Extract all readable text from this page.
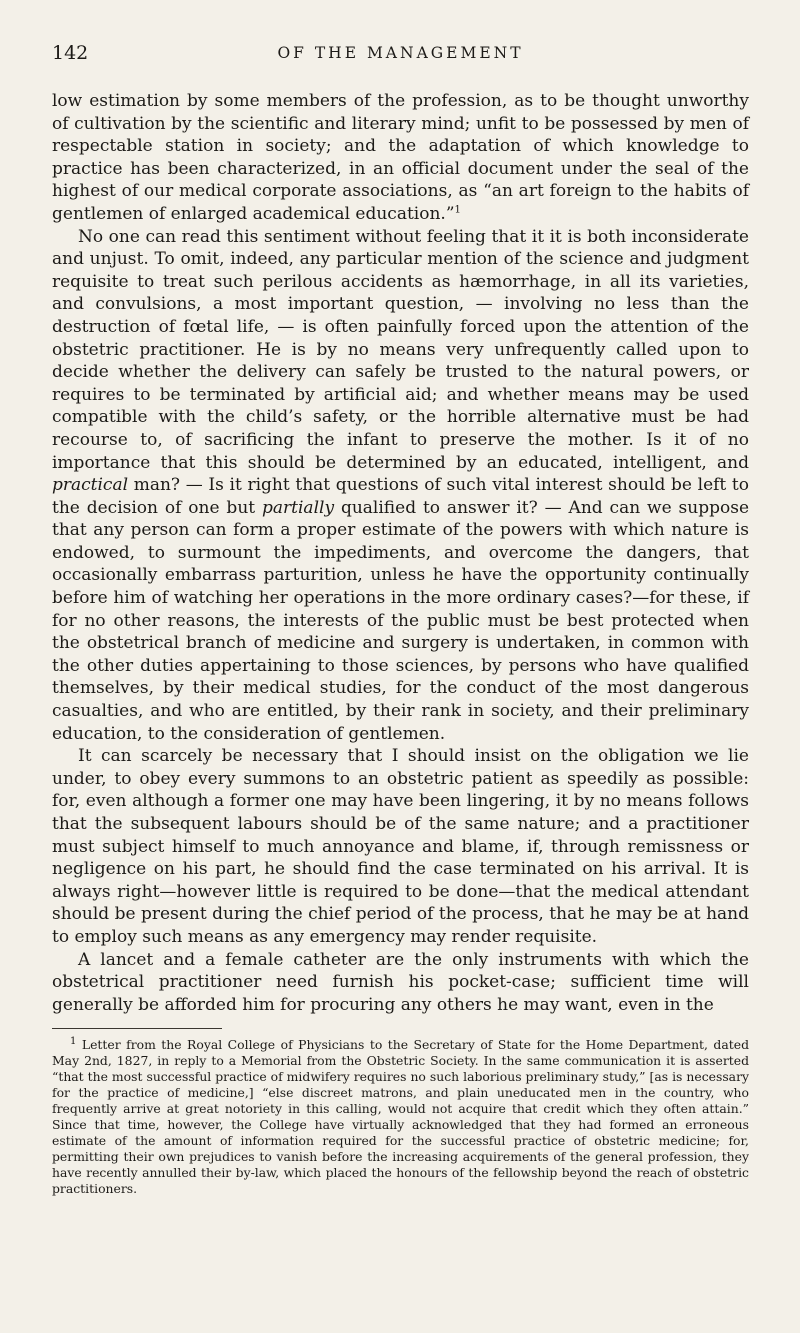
142	OF THE MANAGEMENT

low estimation by some members of the profession, as to be thought unworthy of cultivation by the scientific and literary mind; unfit to be possessed by men of respectable station in society; and the adaptation of which knowledge to practice has been characterized, in an official document under the seal of the highest of our medical corporate associations, as “an art foreign to the habits of gentlemen of enlarged academical education.”$^1$

No one can read this sentiment without feeling that it it is both inconsiderate and unjust. To omit, indeed, any particular mention of the science and judgment requisite to treat such perilous accidents as hæmorrhage, in all its varieties, and convulsions, a most important question, — involving no less than the destruction of fœtal life, — is often painfully forced upon the attention of the obstetric practitioner. He is by no means very unfrequently called upon to decide whether the delivery can safely be trusted to the natural powers, or requires to be terminated by artificial aid; and whether means may be used compatible with the child’s safety, or the horrible alternative must be had recourse to, of sacrificing the infant to preserve the mother. Is it of no importance that this should be determined by an educated, intelligent, and practical man? — Is it right that questions of such vital interest should be left to the decision of one but partially qualified to answer it? — And can we suppose that any person can form a proper estimate of the powers with which nature is endowed, to surmount the impediments, and overcome the dangers, that occasionally embarrass parturition, unless he have the opportunity continually before him of watching her operations in the more ordinary cases?—for these, if for no other reasons, the interests of the public must be best protected when the obstetrical branch of medicine and surgery is undertaken, in common with the other duties appertaining to those sciences, by persons who have qualified themselves, by their medical studies, for the conduct of the most dangerous casualties, and who are entitled, by their rank in society, and their preliminary education, to the consideration of gentlemen.

It can scarcely be necessary that I should insist on the obligation we lie under, to obey every summons to an obstetric patient as speedily as possible: for, even although a former one may have been lingering, it by no means follows that the subsequent labours should be of the same nature; and a practitioner must subject himself to much annoyance and blame, if, through remissness or negligence on his part, he should find the case terminated on his arrival. It is always right—however little is required to be done—that the medical attendant should be present during the chief period of the process, that he may be at hand to employ such means as any emergency may render requisite.

A lancet and a female catheter are the only instruments with which the obstetrical practitioner need furnish his pocket-case; sufficient time will generally be afforded him for procuring any others he may want, even in the

$^1$ Letter from the Royal College of Physicians to the Secretary of State for the Home Department, dated May 2nd, 1827, in reply to a Memorial from the Obstetric Society. In the same communication it is asserted “that the most successful practice of midwifery requires no such laborious preliminary study,” [as is necessary for the practice of medicine,] “else discreet matrons, and plain uneducated men in the country, who frequently arrive at great notoriety in this calling, would not acquire that credit which they often attain.” Since that time, however, the College have virtually acknowledged that they had formed an erroneous estimate of the amount of information required for the successful practice of obstetric medicine; for, permitting their own prejudices to vanish before the increasing acquirements of the general profession, they have recently annulled their by-law, which placed the honours of the fellowship beyond the reach of obstetric practitioners.
